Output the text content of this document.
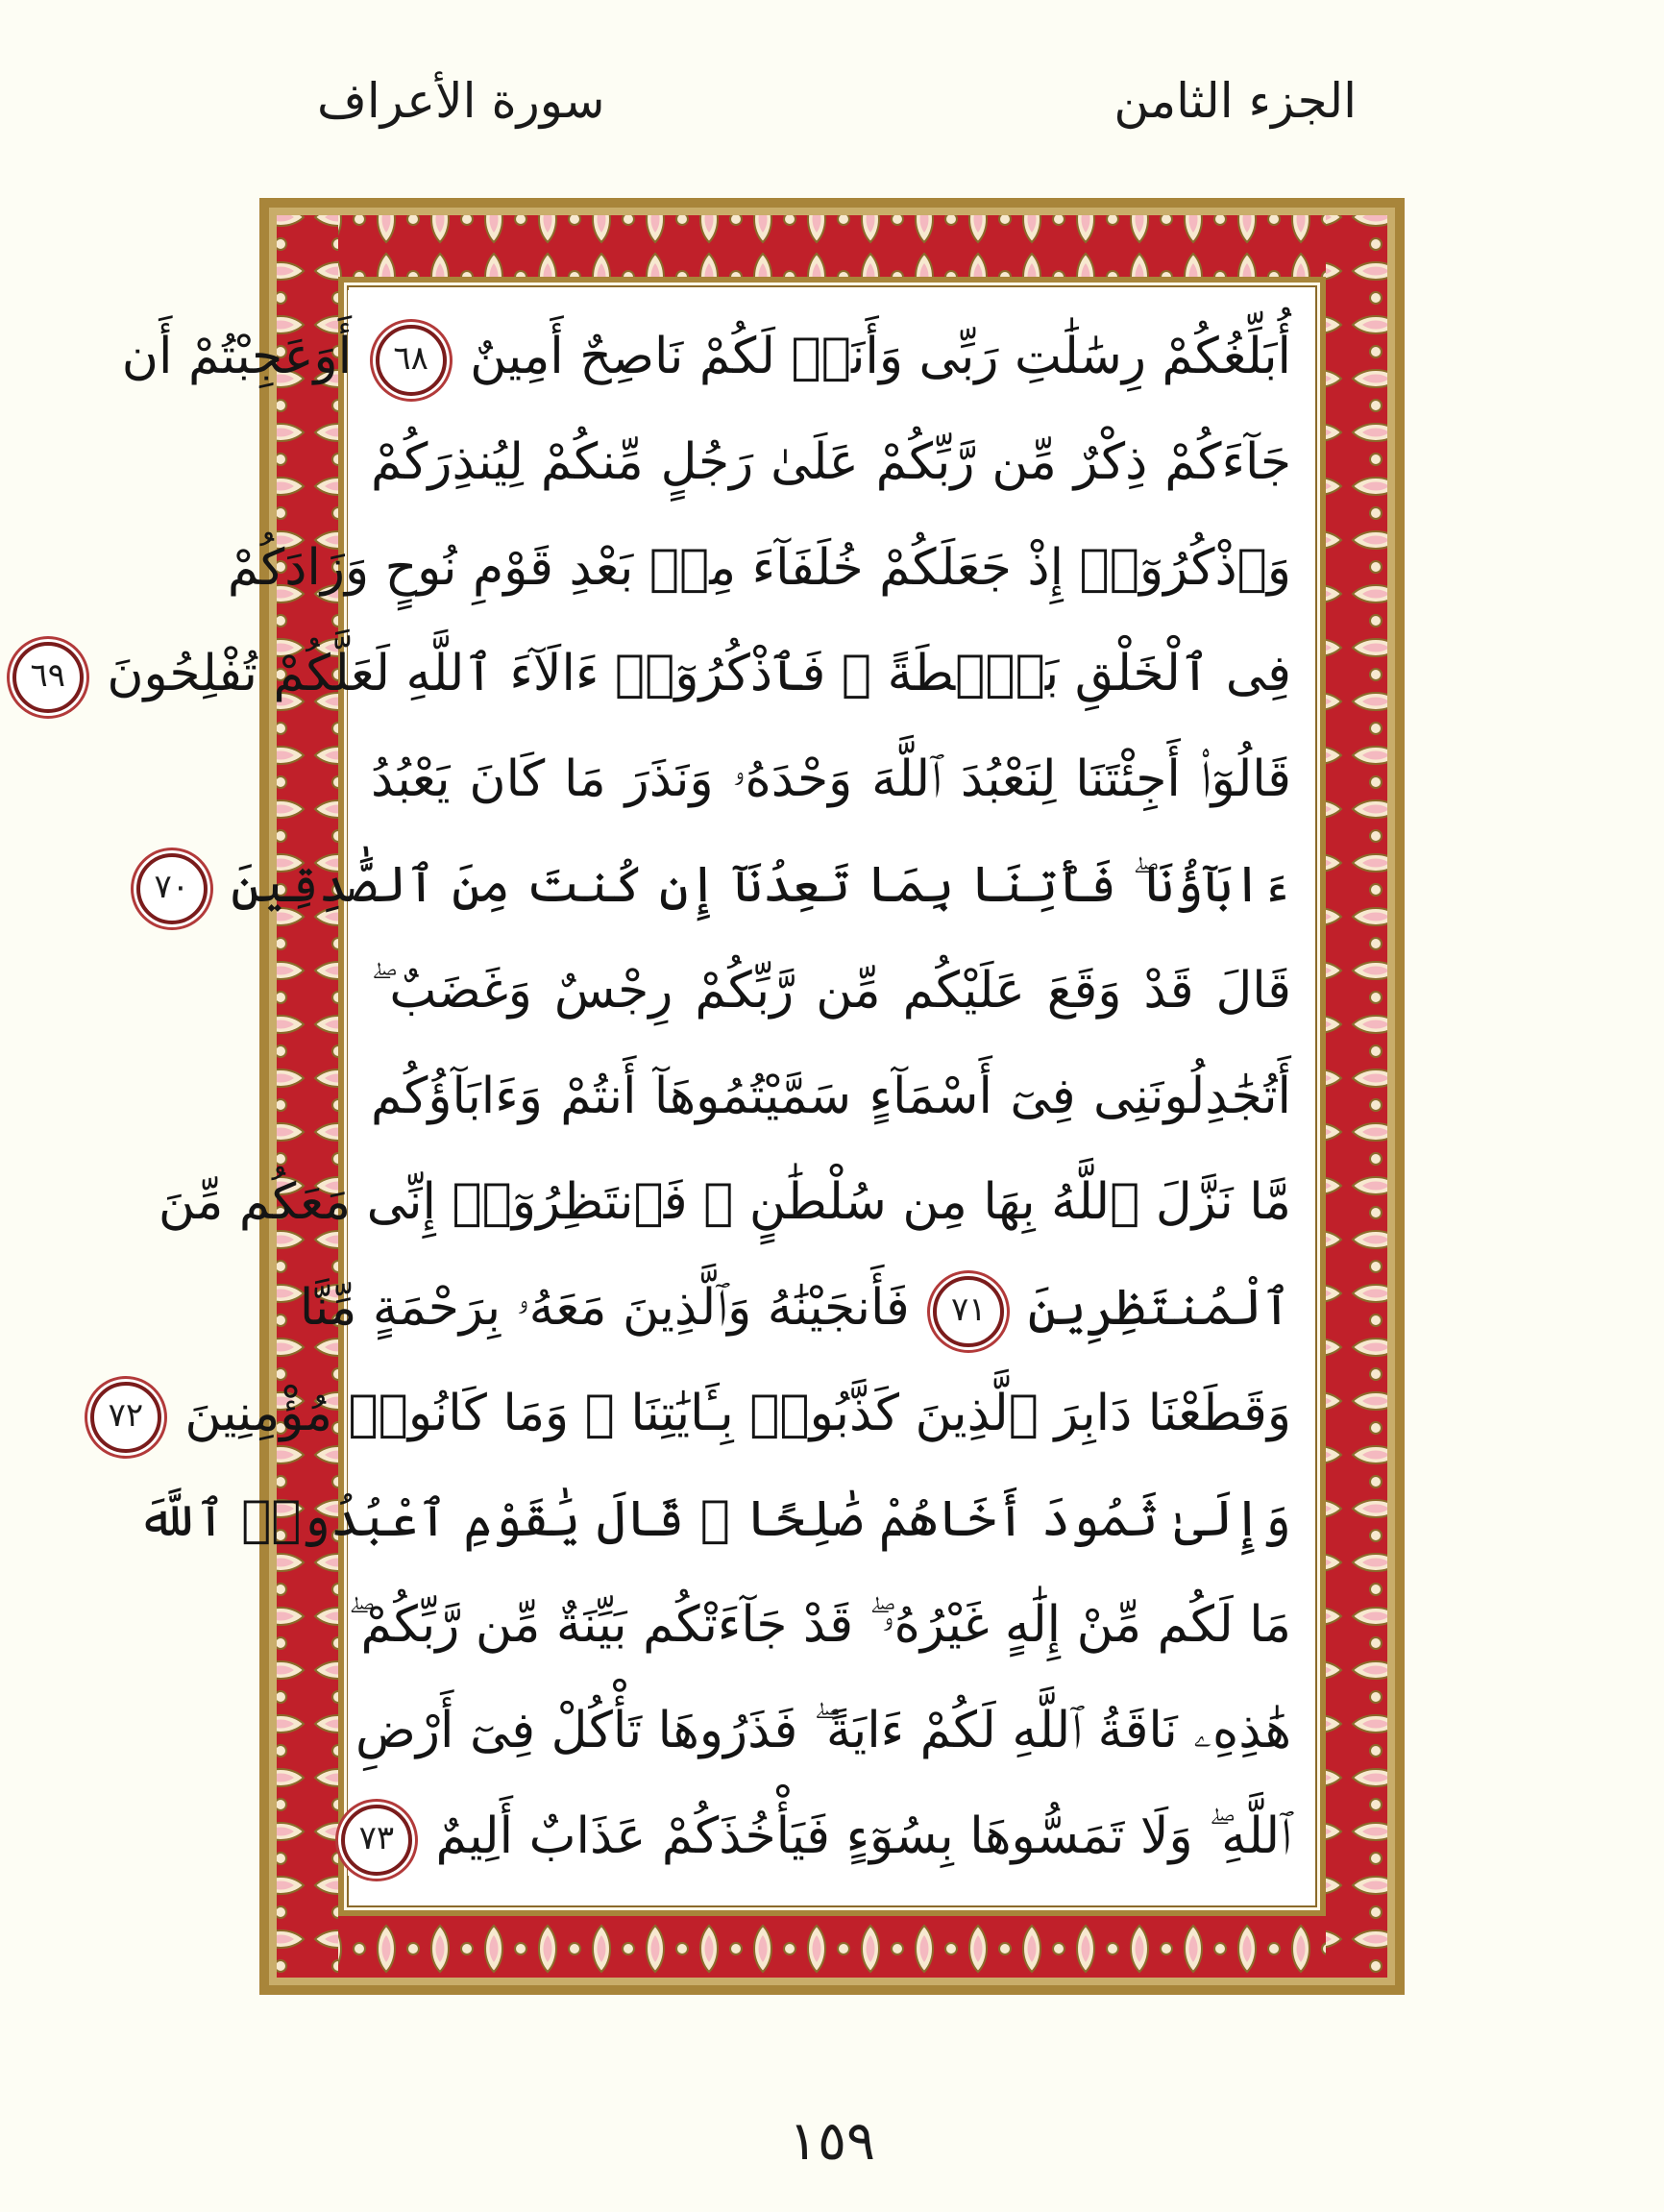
الجزء الثامن
سورة الأعراف
أُبَلِّغُكُمْ رِسَٰلَٰتِ رَبِّى وَأَنَا۠ لَكُمْ نَاصِحٌ أَمِينٌ ٦٨ أَوَعَجِبْتُمْ أَن
جَآءَكُمْ ذِكْرٌ مِّن رَّبِّكُمْ عَلَىٰ رَجُلٍ مِّنكُمْ لِيُنذِرَكُمْ
وَٱذْكُرُوٓا۟ إِذْ جَعَلَكُمْ خُلَفَآءَ مِنۢ بَعْدِ قَوْمِ نُوحٍ وَزَادَكُمْ
فِى ٱلْخَلْقِ بَصْۜطَةً ۖ فَٱذْكُرُوٓا۟ ءَالَآءَ ٱللَّهِ لَعَلَّكُمْ تُفْلِحُونَ ٦٩
قَالُوٓا۟ أَجِئْتَنَا لِنَعْبُدَ ٱللَّهَ وَحْدَهُۥ وَنَذَرَ مَا كَانَ يَعْبُدُ
ءَابَآؤُنَا ۖ فَأْتِنَا بِمَا تَعِدُنَآ إِن كُنتَ مِنَ ٱلصَّٰدِقِينَ ٧٠
قَالَ قَدْ وَقَعَ عَلَيْكُم مِّن رَّبِّكُمْ رِجْسٌ وَغَضَبٌ ۖ
أَتُجَٰدِلُونَنِى فِىٓ أَسْمَآءٍ سَمَّيْتُمُوهَآ أَنتُمْ وَءَابَآؤُكُم
مَّا نَزَّلَ ٱللَّهُ بِهَا مِن سُلْطَٰنٍ ۚ فَٱنتَظِرُوٓا۟ إِنِّى مَعَكُم مِّنَ
ٱلْمُنتَظِرِينَ ٧١ فَأَنجَيْنَٰهُ وَٱلَّذِينَ مَعَهُۥ بِرَحْمَةٍ مِّنَّا
وَقَطَعْنَا دَابِرَ ٱلَّذِينَ كَذَّبُوا۟ بِـَٔايَٰتِنَا ۖ وَمَا كَانُوا۟ مُؤْمِنِينَ ٧٢
وَإِلَىٰ ثَمُودَ أَخَاهُمْ صَٰلِحًا ۗ قَالَ يَٰقَوْمِ ٱعْبُدُوا۟ ٱللَّهَ
مَا لَكُم مِّنْ إِلَٰهٍ غَيْرُهُۥ ۖ قَدْ جَآءَتْكُم بَيِّنَةٌ مِّن رَّبِّكُمْ ۖ
هَٰذِهِۦ نَاقَةُ ٱللَّهِ لَكُمْ ءَايَةً ۖ فَذَرُوهَا تَأْكُلْ فِىٓ أَرْضِ
ٱللَّهِ ۖ وَلَا تَمَسُّوهَا بِسُوٓءٍ فَيَأْخُذَكُمْ عَذَابٌ أَلِيمٌ ٧٣
١٥٩
